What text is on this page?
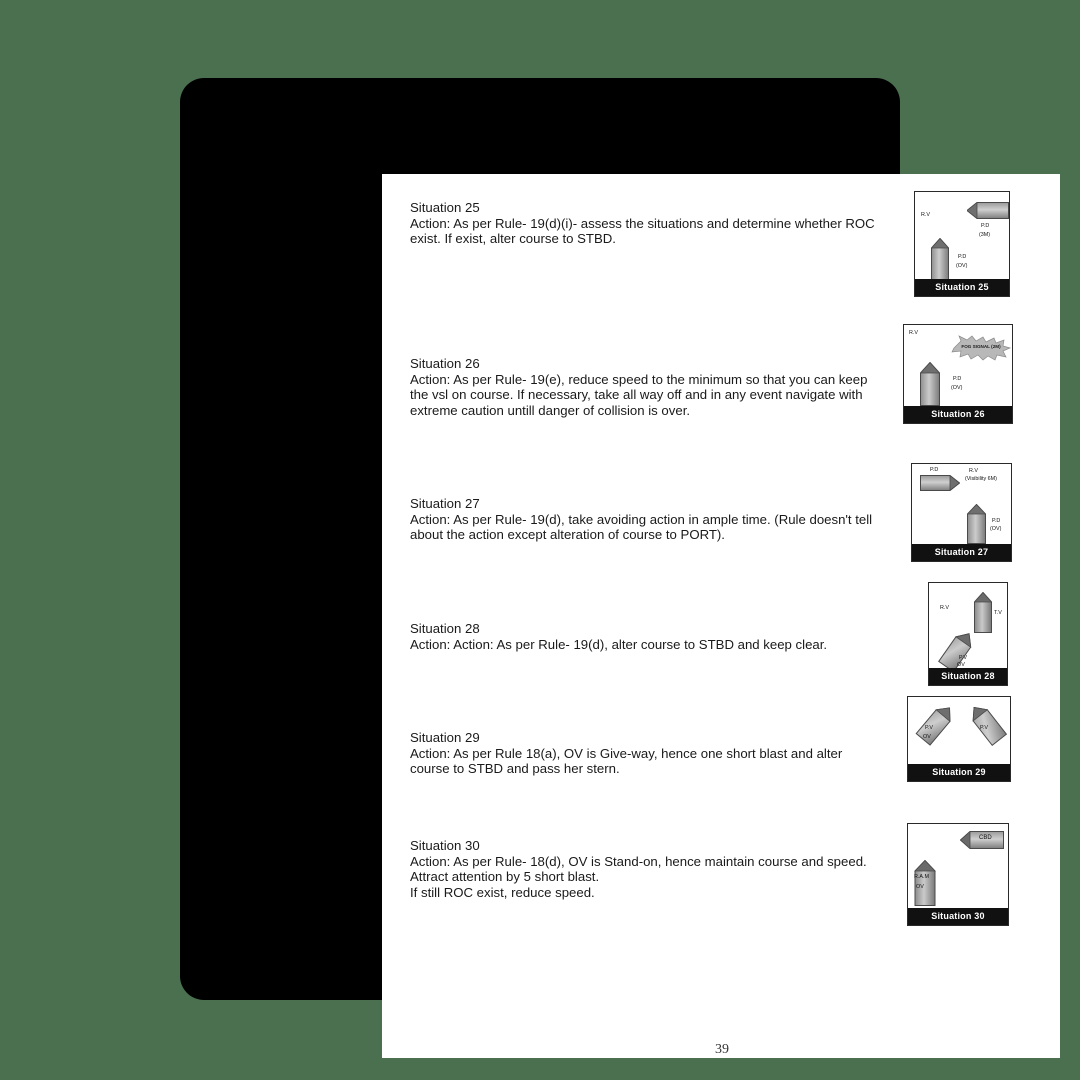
Situation 25
Action: As per Rule- 19(d)(i)- assess the situations and determine whether ROC
exist. If exist, alter course to STBD.
R.V
P.D
(3M)
P.D
(OV)
Situation 25
Situation 26
Action: As per Rule- 19(e), reduce speed to the minimum so that you can keep
the vsl on course. If necessary, take all way off and in any event navigate with
extreme caution untill danger of collision is over.
R.V
FOG SIGNAL (2M)
P.D
(OV)
Situation 26
Situation 27
Action: As per Rule- 19(d), take avoiding action in ample time. (Rule doesn't tell
about the action except alteration of course to PORT).
P.D	R.V
(Visibility 6M)
P.D
(OV)
Situation 27
Situation 28
Action: Action: As per Rule- 19(d), alter course to STBD and keep clear.
R.V
T.V
P.V
OV
Situation 28
Situation 29
Action: As per Rule 18(a), OV is Give-way, hence one short blast and alter
course to STBD and pass her stern.
P.V
OV
P.V
Situation 29
Situation 30
Action: As per Rule- 18(d), OV is Stand-on, hence maintain course and speed.
Attract attention by 5 short blast.
If still ROC exist, reduce speed.
CBD
R.A.M
OV
Situation 30
39
